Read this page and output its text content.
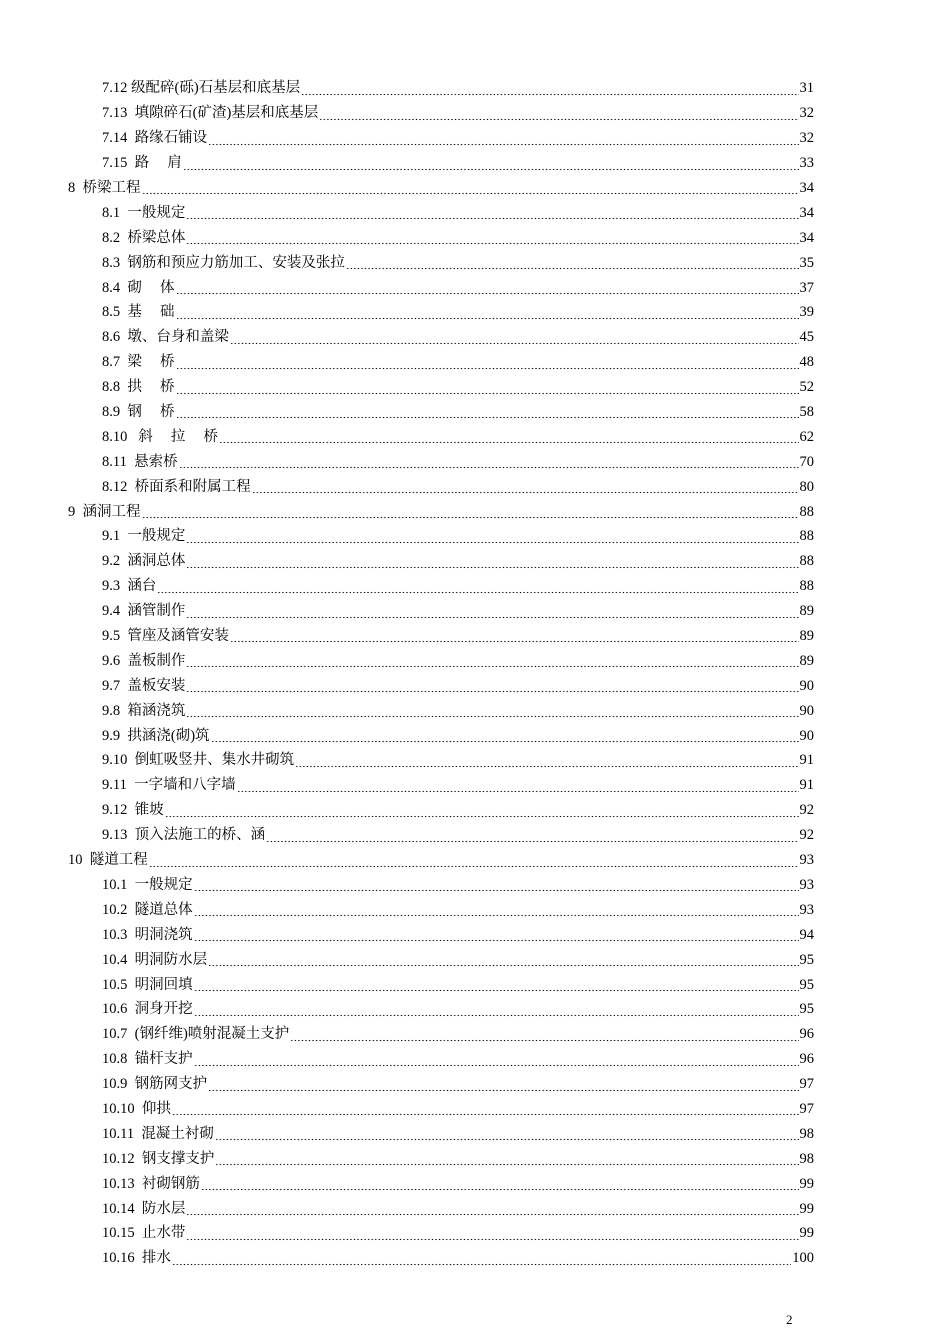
7.12 级配碎(砾)石基层和底基层	31
7.13  填隙碎石(矿渣)基层和底基层	32
7.14  路缘石铺设	32
7.15  路     肩	33
8  桥梁工程	34
8.1  一般规定	34
8.2  桥梁总体	34
8.3  钢筋和预应力筋加工、安装及张拉	35
8.4  砌     体	37
8.5  基     础	39
8.6  墩、台身和盖梁	45
8.7  梁     桥	48
8.8  拱     桥	52
8.9  钢     桥	58
8.10   斜     拉     桥	62
8.11  悬索桥	70
8.12  桥面系和附属工程	80
9  涵洞工程	88
9.1  一般规定	88
9.2  涵洞总体	88
9.3  涵台	88
9.4  涵管制作	89
9.5  管座及涵管安装	89
9.6  盖板制作	89
9.7  盖板安装	90
9.8  箱涵浇筑	90
9.9  拱涵浇(砌)筑	90
9.10  倒虹吸竖井、集水井砌筑	91
9.11  一字墙和八字墙	91
9.12  锥坡	92
9.13  顶入法施工的桥、涵	92
10  隧道工程	93
10.1  一般规定	93
10.2  隧道总体	93
10.3  明洞浇筑	94
10.4  明洞防水层	95
10.5  明洞回填	95
10.6  洞身开挖	95
10.7  (钢纤维)喷射混凝土支护	96
10.8  锚杆支护	96
10.9  钢筋网支护	97
10.10  仰拱	97
10.11  混凝土衬砌	98
10.12  钢支撑支护	98
10.13  衬砌钢筋	99
10.14  防水层	99
10.15  止水带	99
10.16  排水	100
2
